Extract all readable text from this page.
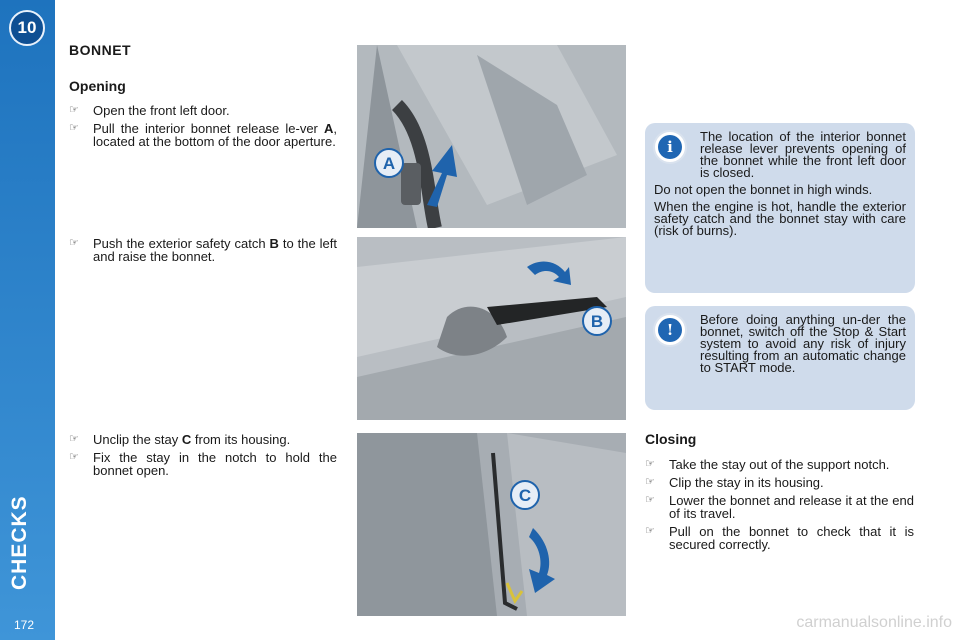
10
CHECKS
172
BONNET
Opening
☞ Open the front left door.
☞ Pull the interior bonnet release le-ver A, located at the bottom of the door aperture.
☞ Push the exterior safety catch B to the left and raise the bonnet.
☞ Unclip the stay C from its housing.
☞ Fix the stay in the notch to hold the bonnet open.
A
B
C
i

The location of the interior bonnet release lever prevents opening of the bonnet while the front left door is closed.

Do not open the bonnet in high winds.

When the engine is hot, handle the exterior safety catch and the bonnet stay with care (risk of burns).

!

Before doing anything un-der the bonnet, switch off the Stop & Start system to avoid any risk of injury resulting from an automatic change to START mode.

Closing
☞ Take the stay out of the support notch.
☞ Clip the stay in its housing.
☞ Lower the bonnet and release it at the end of its travel.
☞ Pull on the bonnet to check that it is secured correctly.
carmanualsonline.info
